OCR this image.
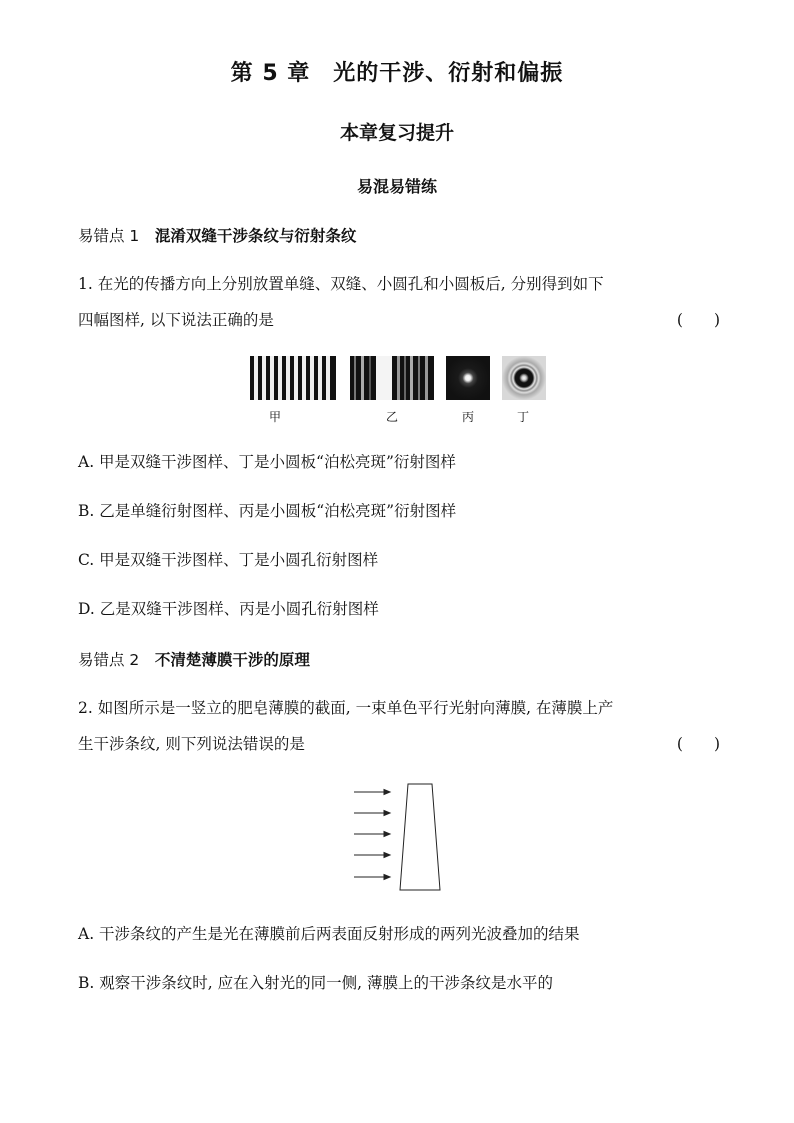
第 5 章　光的干涉、衍射和偏振
本章复习提升
易混易错练
易错点 1　 混淆双缝干涉条纹与衍射条纹
1. 在光的传播方向上分别放置单缝、双缝、小圆孔和小圆板后, 分别得到如下
四幅图样, 以下说法正确的是	(　　)
甲	乙	丙	丁
A. 甲是双缝干涉图样、丁是小圆板“泊松亮斑”衍射图样
B. 乙是单缝衍射图样、丙是小圆板“泊松亮斑”衍射图样
C. 甲是双缝干涉图样、丁是小圆孔衍射图样
D. 乙是双缝干涉图样、丙是小圆孔衍射图样
易错点 2　 不清楚薄膜干涉的原理
2. 如图所示是一竖立的肥皂薄膜的截面, 一束单色平行光射向薄膜, 在薄膜上产
生干涉条纹, 则下列说法错误的是	(　　)
A. 干涉条纹的产生是光在薄膜前后两表面反射形成的两列光波叠加的结果
B. 观察干涉条纹时, 应在入射光的同一侧, 薄膜上的干涉条纹是水平的
